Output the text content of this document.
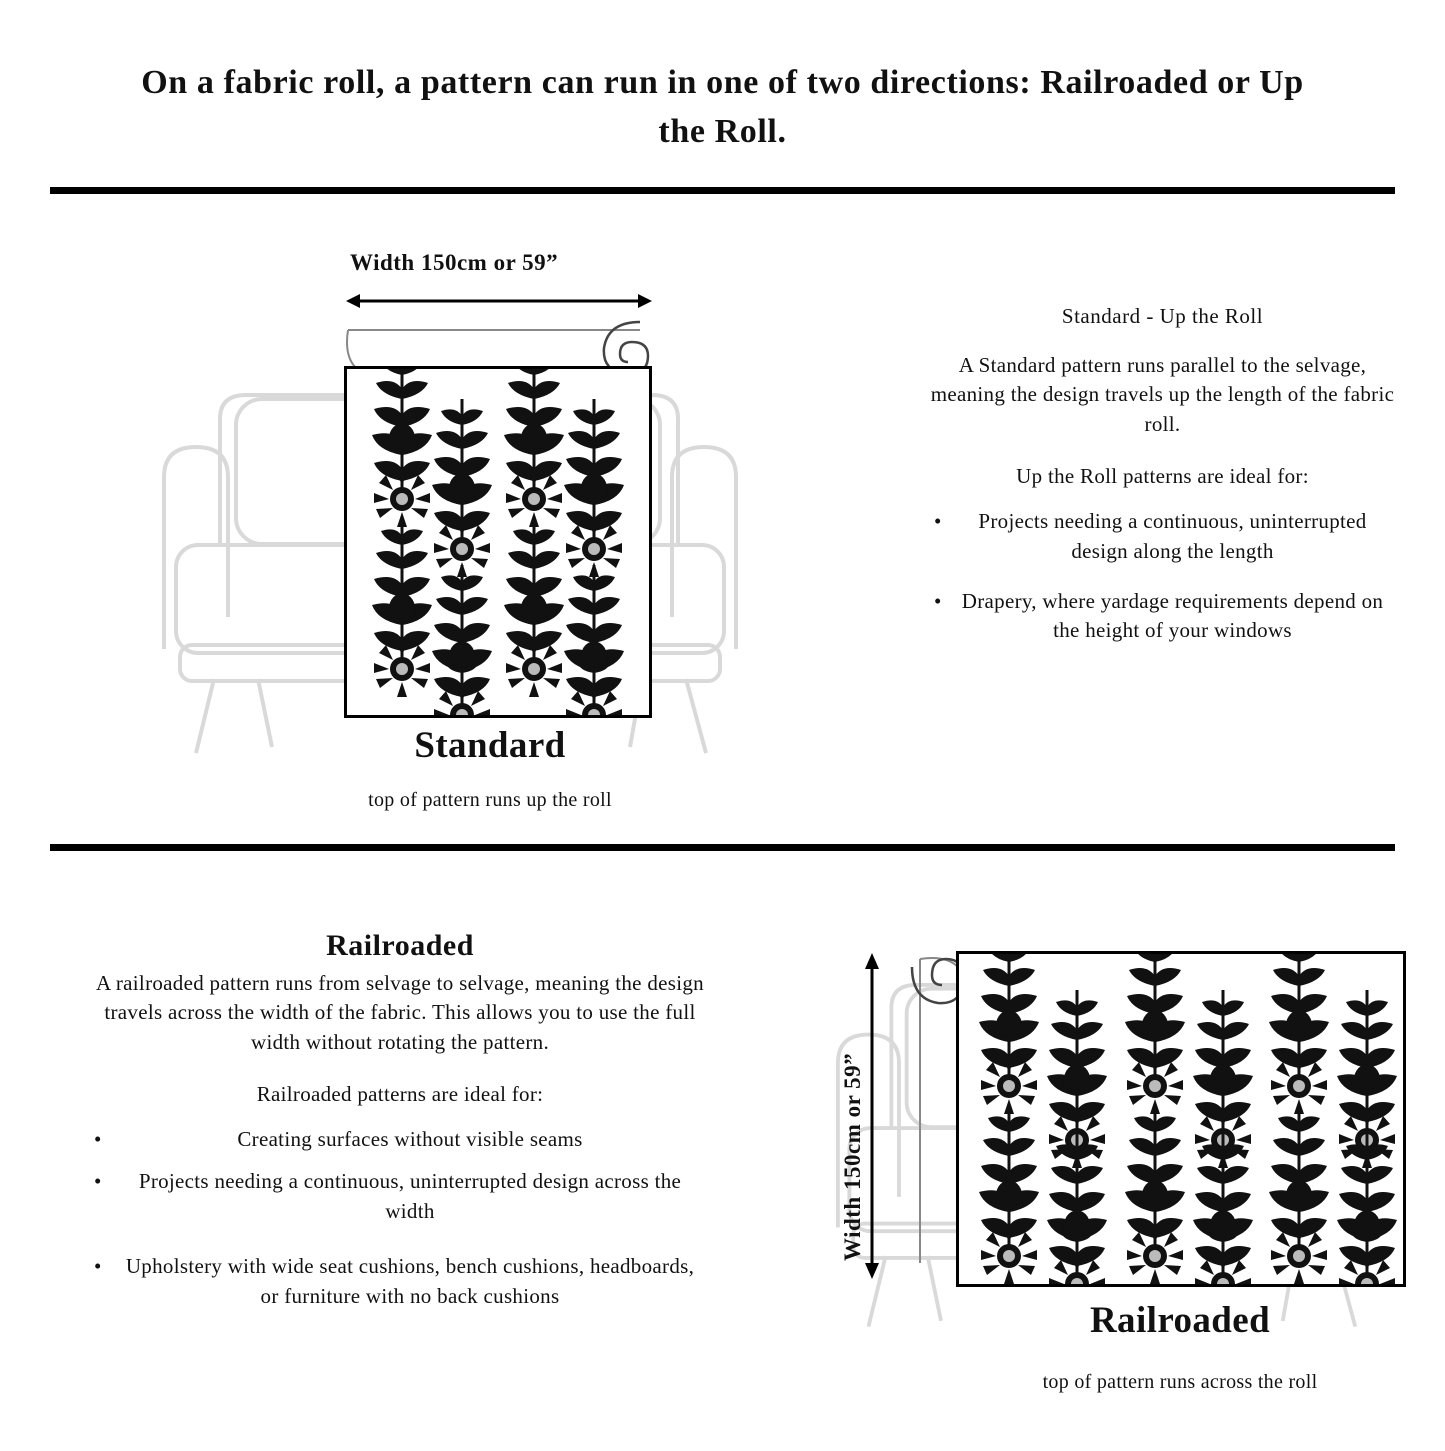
On a fabric roll, a pattern can run in one of two directions: Railroaded or Up the Roll.
Width 150cm or 59”
Standard
top of pattern runs up the roll
Standard - Up the Roll

A Standard pattern runs parallel to the selvage, meaning the design travels up the length of the fabric roll.

Up the Roll patterns are ideal for:

• Projects needing a continuous, uninterrupted design along the length
• Drapery, where yardage requirements depend on the height of your windows
Railroaded

A railroaded pattern runs from selvage to selvage, meaning the design travels across the width of the fabric. This allows you to use the full width without rotating the pattern.

Railroaded patterns are ideal for:

•	Creating surfaces without visible seams
• Projects needing a continuous, uninterrupted design across the width
• Upholstery with wide seat cushions, bench cushions, headboards, or furniture with no back cushions
Width 150cm or 59”
Railroaded
top of pattern runs across the roll
